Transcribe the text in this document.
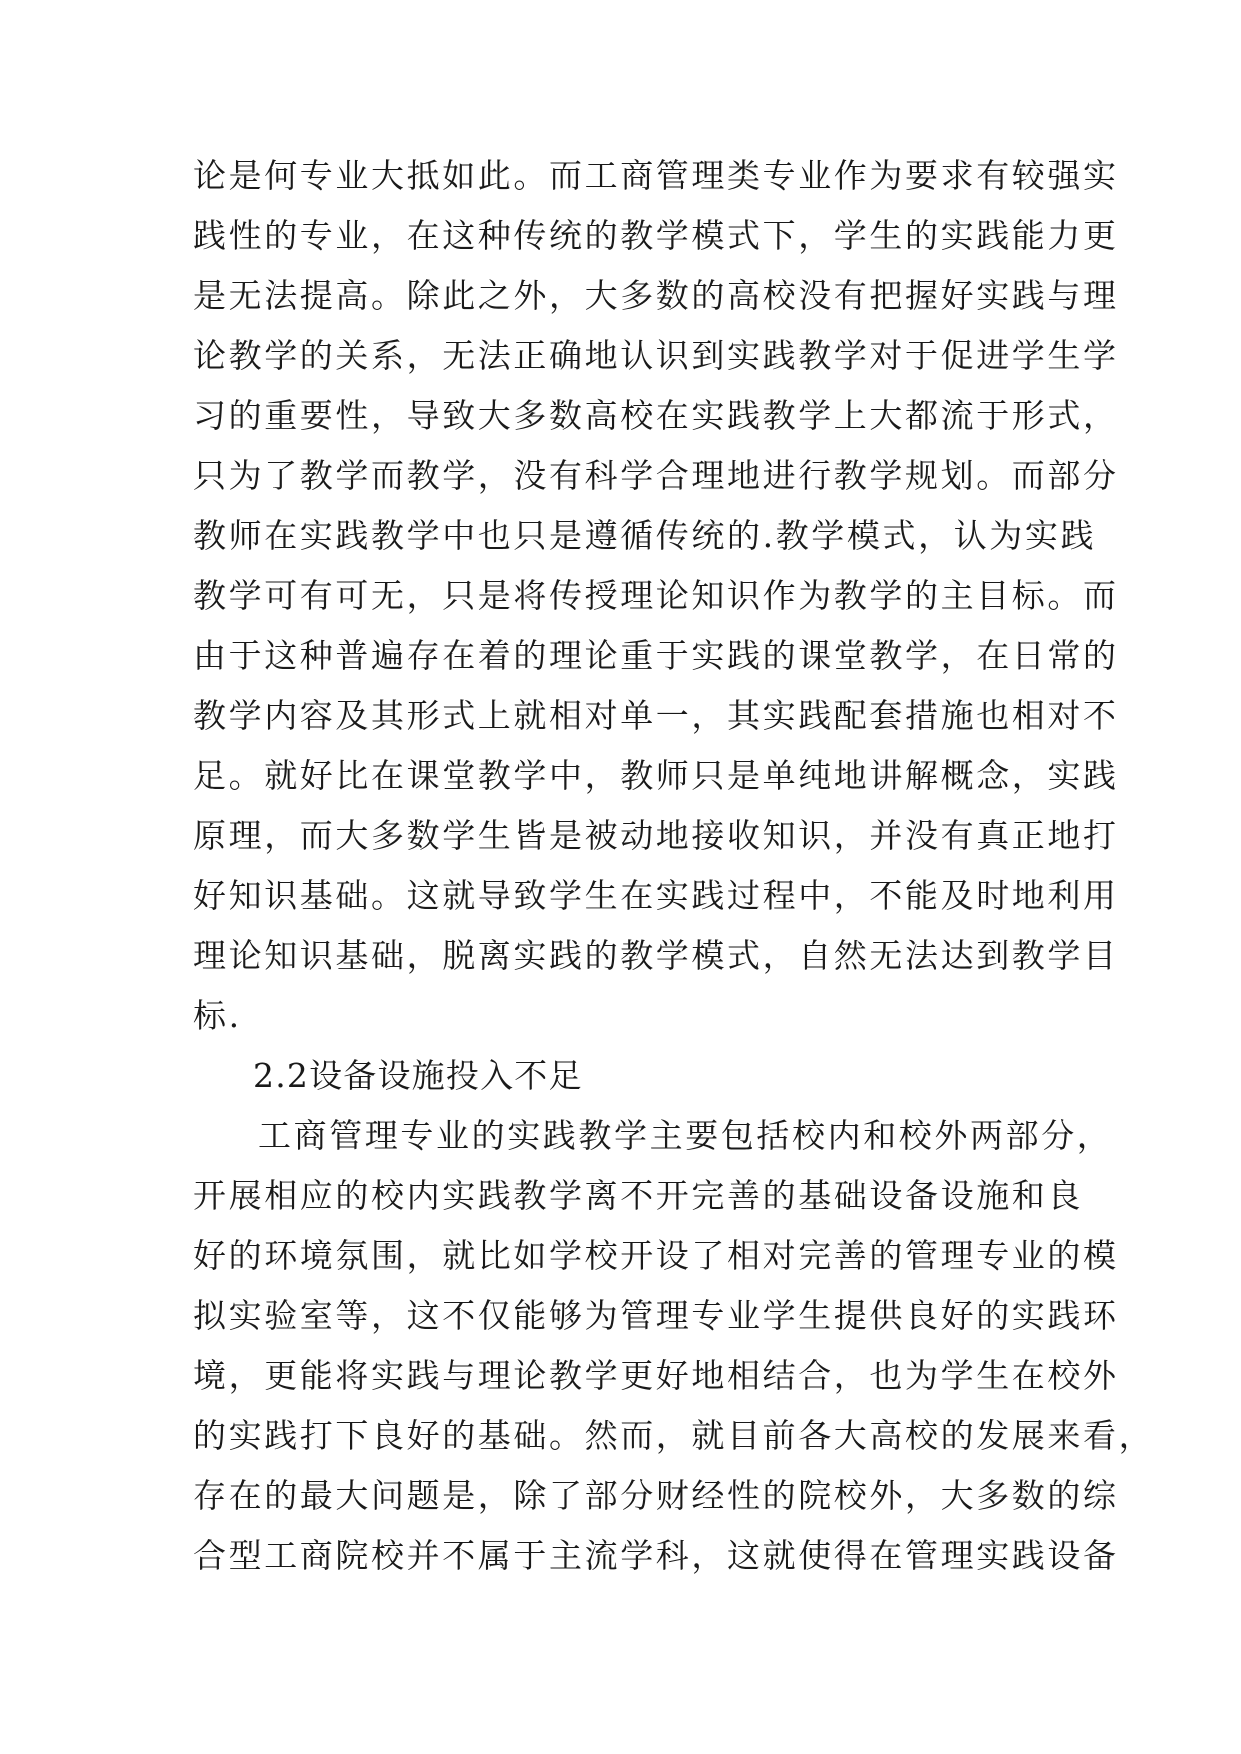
论是何专业大抵如此。而工商管理类专业作为要求有较强实
践性的专业，在这种传统的教学模式下，学生的实践能力更
是无法提高。除此之外，大多数的高校没有把握好实践与理
论教学的关系，无法正确地认识到实践教学对于促进学生学
习的重要性，导致大多数高校在实践教学上大都流于形式，
只为了教学而教学，没有科学合理地进行教学规划。而部分
教师在实践教学中也只是遵循传统的.教学模式，认为实践
教学可有可无，只是将传授理论知识作为教学的主目标。而
由于这种普遍存在着的理论重于实践的课堂教学，在日常的
教学内容及其形式上就相对单一，其实践配套措施也相对不
足。就好比在课堂教学中，教师只是单纯地讲解概念，实践
原理，而大多数学生皆是被动地接收知识，并没有真正地打
好知识基础。这就导致学生在实践过程中，不能及时地利用
理论知识基础，脱离实践的教学模式，自然无法达到教学目
标.
2.2设备设施投入不足
工商管理专业的实践教学主要包括校内和校外两部分，
开展相应的校内实践教学离不开完善的基础设备设施和良
好的环境氛围，就比如学校开设了相对完善的管理专业的模
拟实验室等，这不仅能够为管理专业学生提供良好的实践环
境，更能将实践与理论教学更好地相结合，也为学生在校外
的实践打下良好的基础。然而，就目前各大高校的发展来看，
存在的最大问题是，除了部分财经性的院校外，大多数的综
合型工商院校并不属于主流学科，这就使得在管理实践设备
